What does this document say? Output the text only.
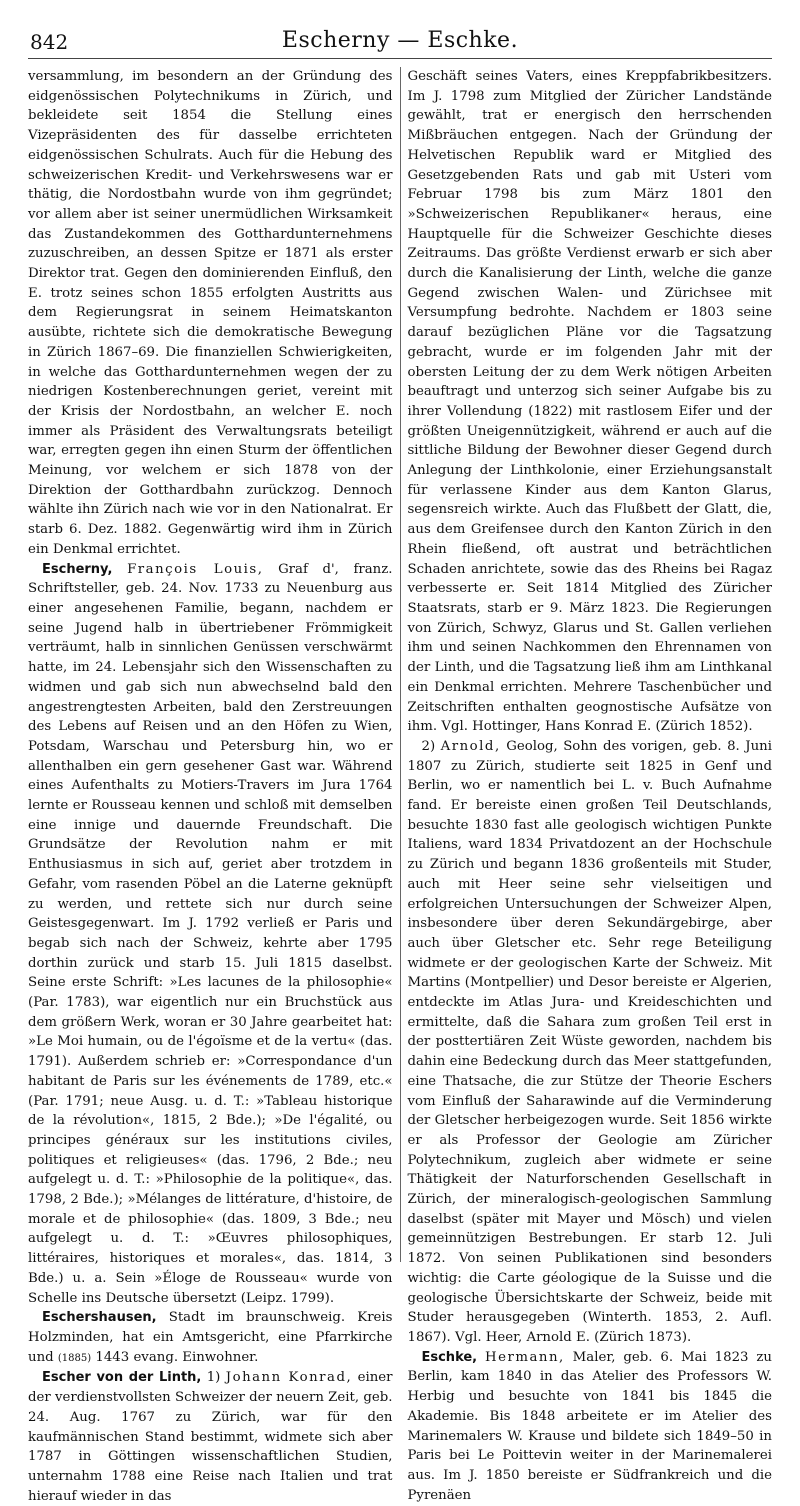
842	Escherny — Eschke.

versammlung, im besondern an der Gründung des eidgenössischen Polytechnikums in Zürich, und bekleidete seit 1854 die Stellung eines Vizepräsidenten des für dasselbe errichteten eidgenössischen Schulrats. Auch für die Hebung des schweizerischen Kredit- und Verkehrswesens war er thätig, die Nordostbahn wurde von ihm gegründet; vor allem aber ist seiner unermüdlichen Wirksamkeit das Zustandekommen des Gotthardunternehmens zuzuschreiben, an dessen Spitze er 1871 als erster Direktor trat. Gegen den dominierenden Einfluß, den E. trotz seines schon 1855 erfolgten Austritts aus dem Regierungsrat in seinem Heimatskanton ausübte, richtete sich die demokratische Bewegung in Zürich 1867–69. Die finanziellen Schwierigkeiten, in welche das Gotthardunternehmen wegen der zu niedrigen Kostenberechnungen geriet, vereint mit der Krisis der Nordostbahn, an welcher E. noch immer als Präsident des Verwaltungsrats beteiligt war, erregten gegen ihn einen Sturm der öffentlichen Meinung, vor welchem er sich 1878 von der Direktion der Gotthardbahn zurückzog. Dennoch wählte ihn Zürich nach wie vor in den Nationalrat. Er starb 6. Dez. 1882. Gegenwärtig wird ihm in Zürich ein Denkmal errichtet.

Escherny, François Louis, Graf d', franz. Schriftsteller, geb. 24. Nov. 1733 zu Neuenburg aus einer angesehenen Familie, begann, nachdem er seine Jugend halb in übertriebener Frömmigkeit verträumt, halb in sinnlichen Genüssen verschwärmt hatte, im 24. Lebensjahr sich den Wissenschaften zu widmen und gab sich nun abwechselnd bald den angestrengtesten Arbeiten, bald den Zerstreuungen des Lebens auf Reisen und an den Höfen zu Wien, Potsdam, Warschau und Petersburg hin, wo er allenthalben ein gern gesehener Gast war. Während eines Aufenthalts zu Motiers-Travers im Jura 1764 lernte er Rousseau kennen und schloß mit demselben eine innige und dauernde Freundschaft. Die Grundsätze der Revolution nahm er mit Enthusiasmus in sich auf, geriet aber trotzdem in Gefahr, vom rasenden Pöbel an die Laterne geknüpft zu werden, und rettete sich nur durch seine Geistesgegenwart. Im J. 1792 verließ er Paris und begab sich nach der Schweiz, kehrte aber 1795 dorthin zurück und starb 15. Juli 1815 daselbst. Seine erste Schrift: »Les lacunes de la philosophie« (Par. 1783), war eigentlich nur ein Bruchstück aus dem größern Werk, woran er 30 Jahre gearbeitet hat: »Le Moi humain, ou de l'égoïsme et de la vertu« (das. 1791). Außerdem schrieb er: »Correspondance d'un habitant de Paris sur les événements de 1789, etc.« (Par. 1791; neue Ausg. u. d. T.: »Tableau historique de la révolution«, 1815, 2 Bde.); »De l'égalité, ou principes généraux sur les institutions civiles, politiques et religieuses« (das. 1796, 2 Bde.; neu aufgelegt u. d. T.: »Philosophie de la politique«, das. 1798, 2 Bde.); »Mélanges de littérature, d'histoire, de morale et de philosophie« (das. 1809, 3 Bde.; neu aufgelegt u. d. T.: »Œuvres philosophiques, littéraires, historiques et morales«, das. 1814, 3 Bde.) u. a. Sein »Éloge de Rousseau« wurde von Schelle ins Deutsche übersetzt (Leipz. 1799).

Eschershausen, Stadt im braunschweig. Kreis Holzminden, hat ein Amtsgericht, eine Pfarrkirche und (1885) 1443 evang. Einwohner.

Escher von der Linth, 1) Johann Konrad, einer der verdienstvollsten Schweizer der neuern Zeit, geb. 24. Aug. 1767 zu Zürich, war für den kaufmännischen Stand bestimmt, widmete sich aber 1787 in Göttingen wissenschaftlichen Studien, unternahm 1788 eine Reise nach Italien und trat hierauf wieder in das

Geschäft seines Vaters, eines Kreppfabrikbesitzers. Im J. 1798 zum Mitglied der Züricher Landstände gewählt, trat er energisch den herrschenden Mißbräuchen entgegen. Nach der Gründung der Helvetischen Republik ward er Mitglied des Gesetzgebenden Rats und gab mit Usteri vom Februar 1798 bis zum März 1801 den »Schweizerischen Republikaner« heraus, eine Hauptquelle für die Schweizer Geschichte dieses Zeitraums. Das größte Verdienst erwarb er sich aber durch die Kanalisierung der Linth, welche die ganze Gegend zwischen Walen- und Zürichsee mit Versumpfung bedrohte. Nachdem er 1803 seine darauf bezüglichen Pläne vor die Tagsatzung gebracht, wurde er im folgenden Jahr mit der obersten Leitung der zu dem Werk nötigen Arbeiten beauftragt und unterzog sich seiner Aufgabe bis zu ihrer Vollendung (1822) mit rastlosem Eifer und der größten Uneigennützigkeit, während er auch auf die sittliche Bildung der Bewohner dieser Gegend durch Anlegung der Linthkolonie, einer Erziehungsanstalt für verlassene Kinder aus dem Kanton Glarus, segensreich wirkte. Auch das Flußbett der Glatt, die, aus dem Greifensee durch den Kanton Zürich in den Rhein fließend, oft austrat und beträchtlichen Schaden anrichtete, sowie das des Rheins bei Ragaz verbesserte er. Seit 1814 Mitglied des Züricher Staatsrats, starb er 9. März 1823. Die Regierungen von Zürich, Schwyz, Glarus und St. Gallen verliehen ihm und seinen Nachkommen den Ehrennamen von der Linth, und die Tagsatzung ließ ihm am Linthkanal ein Denkmal errichten. Mehrere Taschenbücher und Zeitschriften enthalten geognostische Aufsätze von ihm. Vgl. Hottinger, Hans Konrad E. (Zürich 1852).

2) Arnold, Geolog, Sohn des vorigen, geb. 8. Juni 1807 zu Zürich, studierte seit 1825 in Genf und Berlin, wo er namentlich bei L. v. Buch Aufnahme fand. Er bereiste einen großen Teil Deutschlands, besuchte 1830 fast alle geologisch wichtigen Punkte Italiens, ward 1834 Privatdozent an der Hochschule zu Zürich und begann 1836 großenteils mit Studer, auch mit Heer seine sehr vielseitigen und erfolgreichen Untersuchungen der Schweizer Alpen, insbesondere über deren Sekundärgebirge, aber auch über Gletscher etc. Sehr rege Beteiligung widmete er der geologischen Karte der Schweiz. Mit Martins (Montpellier) und Desor bereiste er Algerien, entdeckte im Atlas Jura- und Kreideschichten und ermittelte, daß die Sahara zum großen Teil erst in der posttertiären Zeit Wüste geworden, nachdem bis dahin eine Bedeckung durch das Meer stattgefunden, eine Thatsache, die zur Stütze der Theorie Eschers vom Einfluß der Saharawinde auf die Verminderung der Gletscher herbeigezogen wurde. Seit 1856 wirkte er als Professor der Geologie am Züricher Polytechnikum, zugleich aber widmete er seine Thätigkeit der Naturforschenden Gesellschaft in Zürich, der mineralogisch-geologischen Sammlung daselbst (später mit Mayer und Mösch) und vielen gemeinnützigen Bestrebungen. Er starb 12. Juli 1872. Von seinen Publikationen sind besonders wichtig: die Carte géologique de la Suisse und die geologische Übersichtskarte der Schweiz, beide mit Studer herausgegeben (Winterth. 1853, 2. Aufl. 1867). Vgl. Heer, Arnold E. (Zürich 1873).

Eschke, Hermann, Maler, geb. 6. Mai 1823 zu Berlin, kam 1840 in das Atelier des Professors W. Herbig und besuchte von 1841 bis 1845 die Akademie. Bis 1848 arbeitete er im Atelier des Marinemalers W. Krause und bildete sich 1849–50 in Paris bei Le Poittevin weiter in der Marinemalerei aus. Im J. 1850 bereiste er Südfrankreich und die Pyrenäen
